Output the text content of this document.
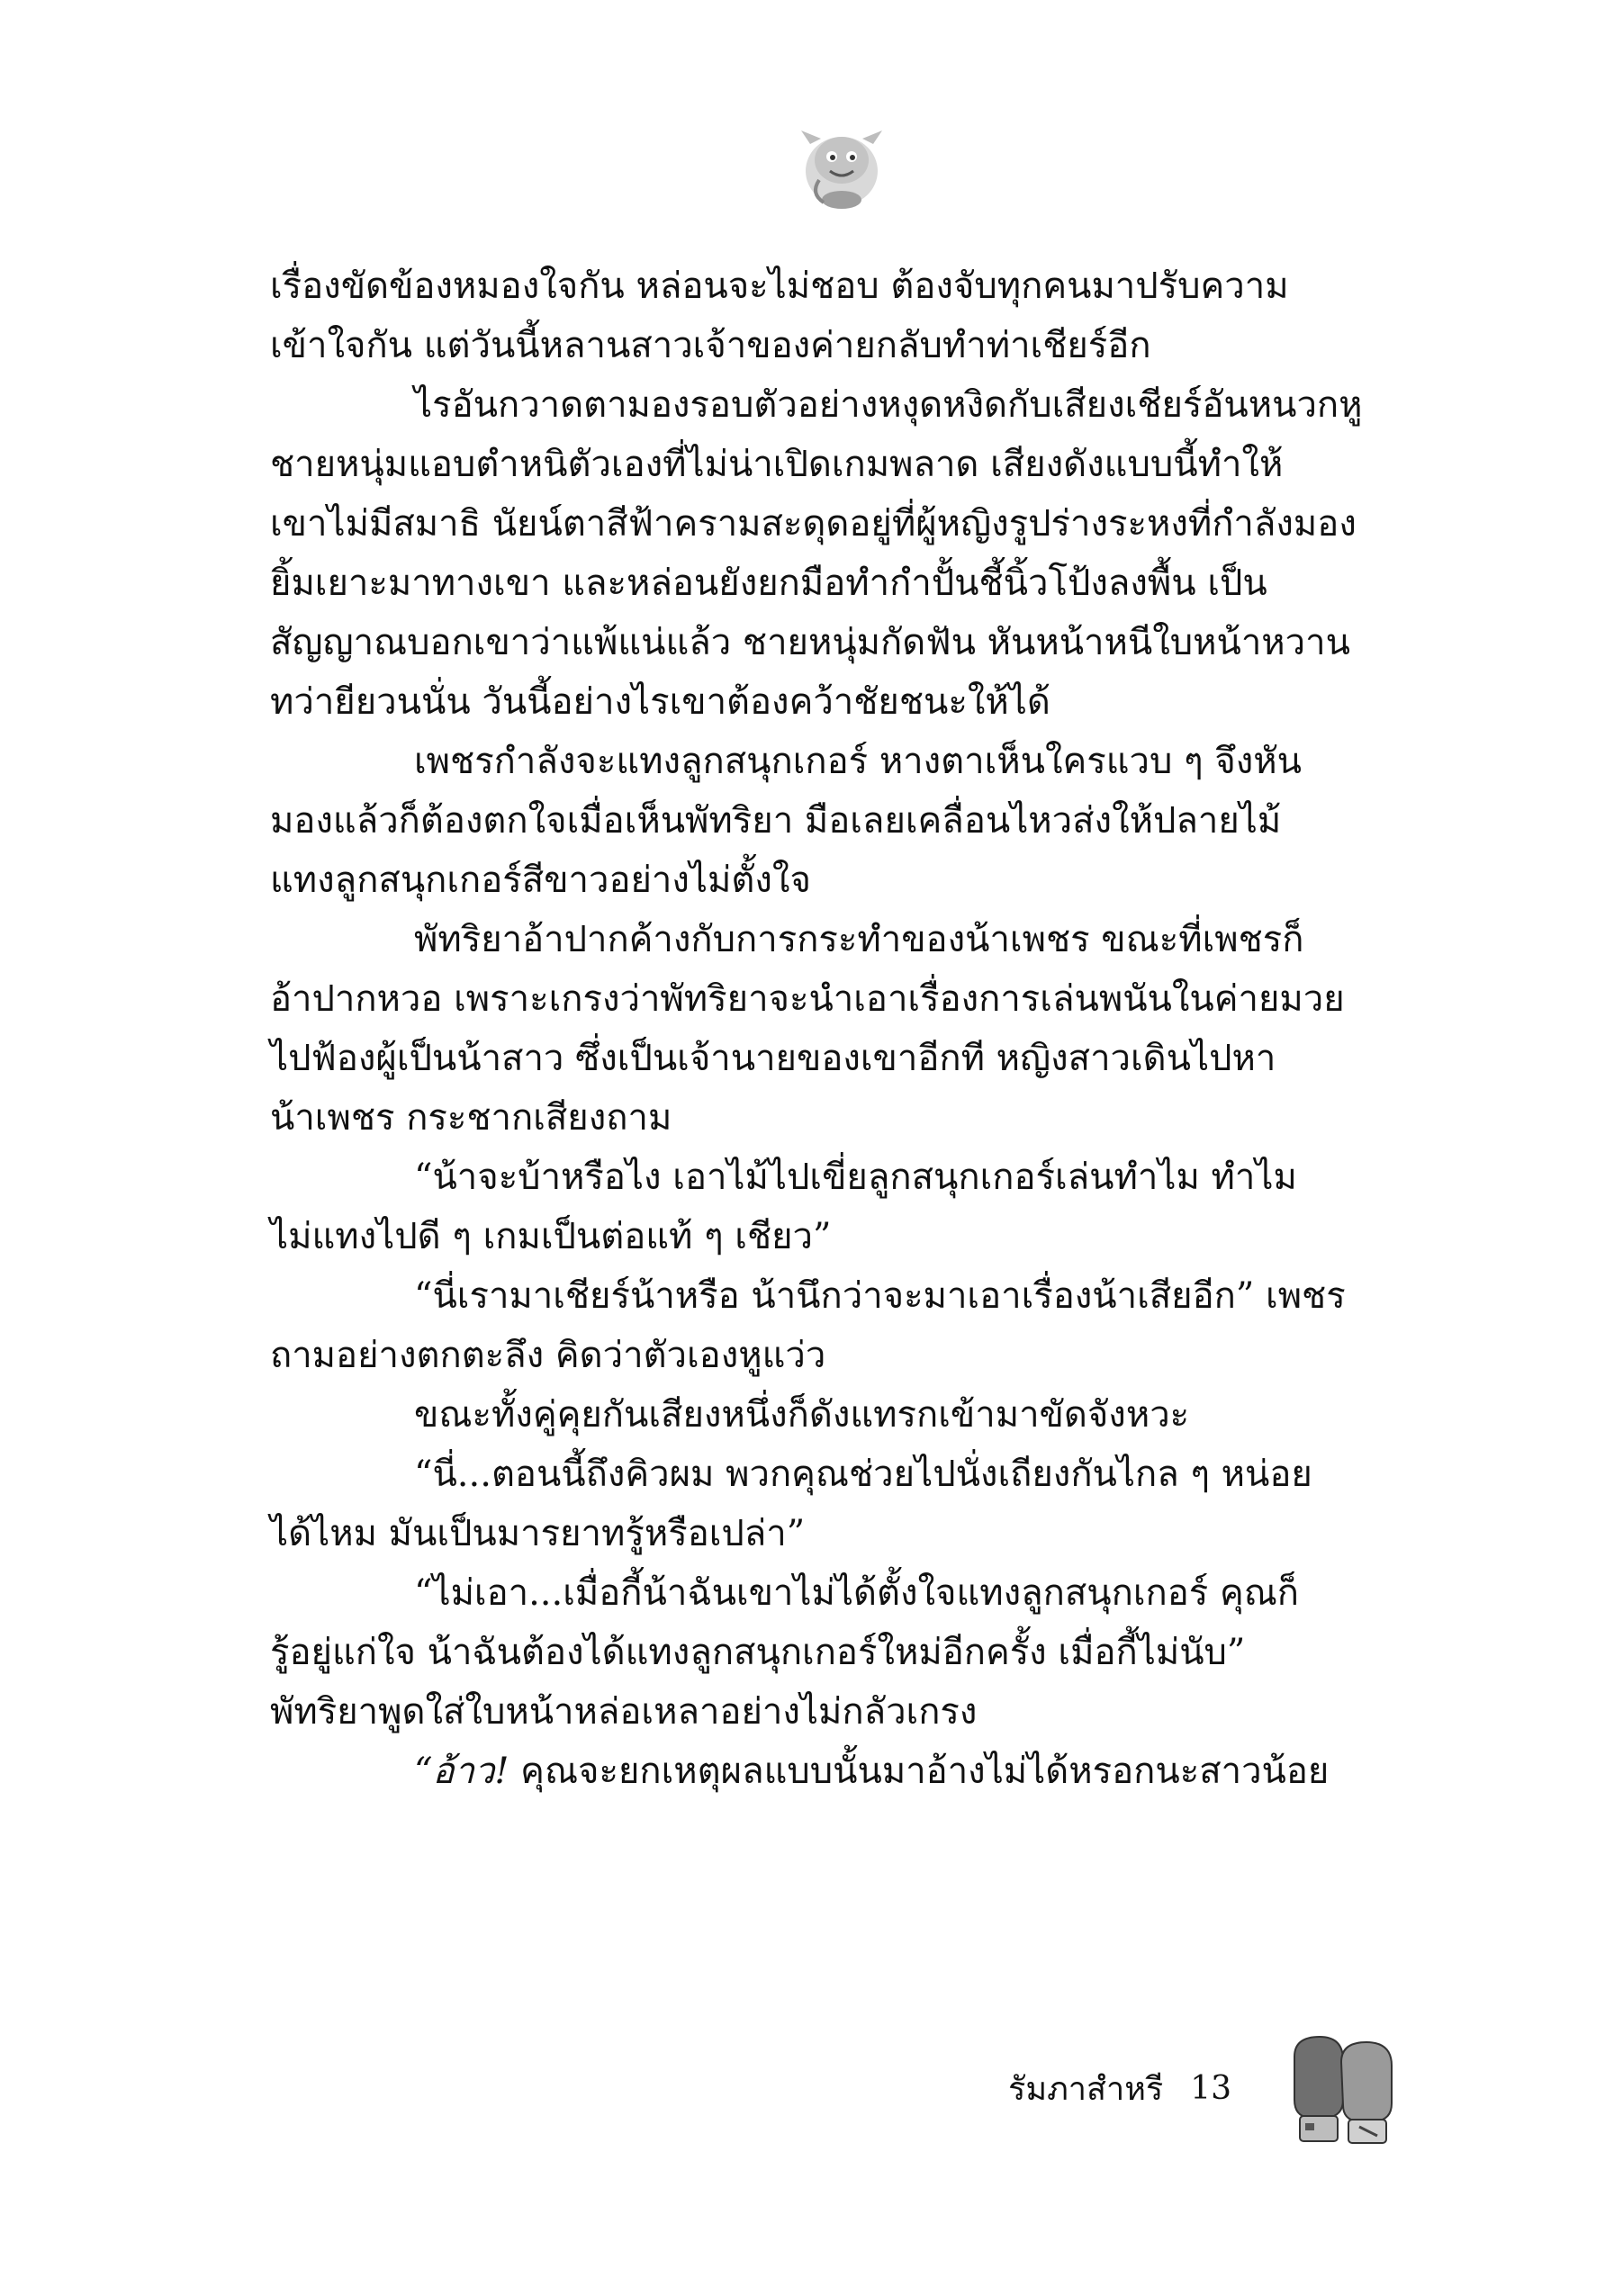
เรื่องขัดข้องหมองใจกัน หล่อนจะไม่ชอบ ต้องจับทุกคนมาปรับความ
เข้าใจกัน แต่วันนี้หลานสาวเจ้าของค่ายกลับทำท่าเชียร์อีก
ไรอันกวาดตามองรอบตัวอย่างหงุดหงิดกับเสียงเชียร์อันหนวกหู
ชายหนุ่มแอบตำหนิตัวเองที่ไม่น่าเปิดเกมพลาด เสียงดังแบบนี้ทำให้
เขาไม่มีสมาธิ นัยน์ตาสีฟ้าครามสะดุดอยู่ที่ผู้หญิงรูปร่างระหงที่กำลังมอง
ยิ้มเยาะมาทางเขา และหล่อนยังยกมือทำกำปั้นชี้นิ้วโป้งลงพื้น เป็น
สัญญาณบอกเขาว่าแพ้แน่แล้ว ชายหนุ่มกัดฟัน หันหน้าหนีใบหน้าหวาน
ทว่ายียวนนั่น วันนี้อย่างไรเขาต้องคว้าชัยชนะให้ได้
เพชรกำลังจะแทงลูกสนุกเกอร์ หางตาเห็นใครแวบ ๆ จึงหัน
มองแล้วก็ต้องตกใจเมื่อเห็นพัทริยา มือเลยเคลื่อนไหวส่งให้ปลายไม้
แทงลูกสนุกเกอร์สีขาวอย่างไม่ตั้งใจ
พัทริยาอ้าปากค้างกับการกระทำของน้าเพชร ขณะที่เพชรก็
อ้าปากหวอ เพราะเกรงว่าพัทริยาจะนำเอาเรื่องการเล่นพนันในค่ายมวย
ไปฟ้องผู้เป็นน้าสาว ซึ่งเป็นเจ้านายของเขาอีกที หญิงสาวเดินไปหา
น้าเพชร กระชากเสียงถาม
“น้าจะบ้าหรือไง เอาไม้ไปเขี่ยลูกสนุกเกอร์เล่นทำไม ทำไม
ไม่แทงไปดี ๆ เกมเป็นต่อแท้ ๆ เชียว”
“นี่เรามาเชียร์น้าหรือ น้านึกว่าจะมาเอาเรื่องน้าเสียอีก” เพชร
ถามอย่างตกตะลึง คิดว่าตัวเองหูแว่ว
ขณะทั้งคู่คุยกันเสียงหนึ่งก็ดังแทรกเข้ามาขัดจังหวะ
“นี่...ตอนนี้ถึงคิวผม พวกคุณช่วยไปนั่งเถียงกันไกล ๆ หน่อย
ได้ไหม มันเป็นมารยาทรู้หรือเปล่า”
“ไม่เอา...เมื่อกี้น้าฉันเขาไม่ได้ตั้งใจแทงลูกสนุกเกอร์ คุณก็
รู้อยู่แก่ใจ น้าฉันต้องได้แทงลูกสนุกเกอร์ใหม่อีกครั้ง เมื่อกี้ไม่นับ”
พัทริยาพูดใส่ใบหน้าหล่อเหลาอย่างไม่กลัวเกรง
“อ้าว! คุณจะยกเหตุผลแบบนั้นมาอ้างไม่ได้หรอกนะสาวน้อย
รัมภาสำหรี 13
